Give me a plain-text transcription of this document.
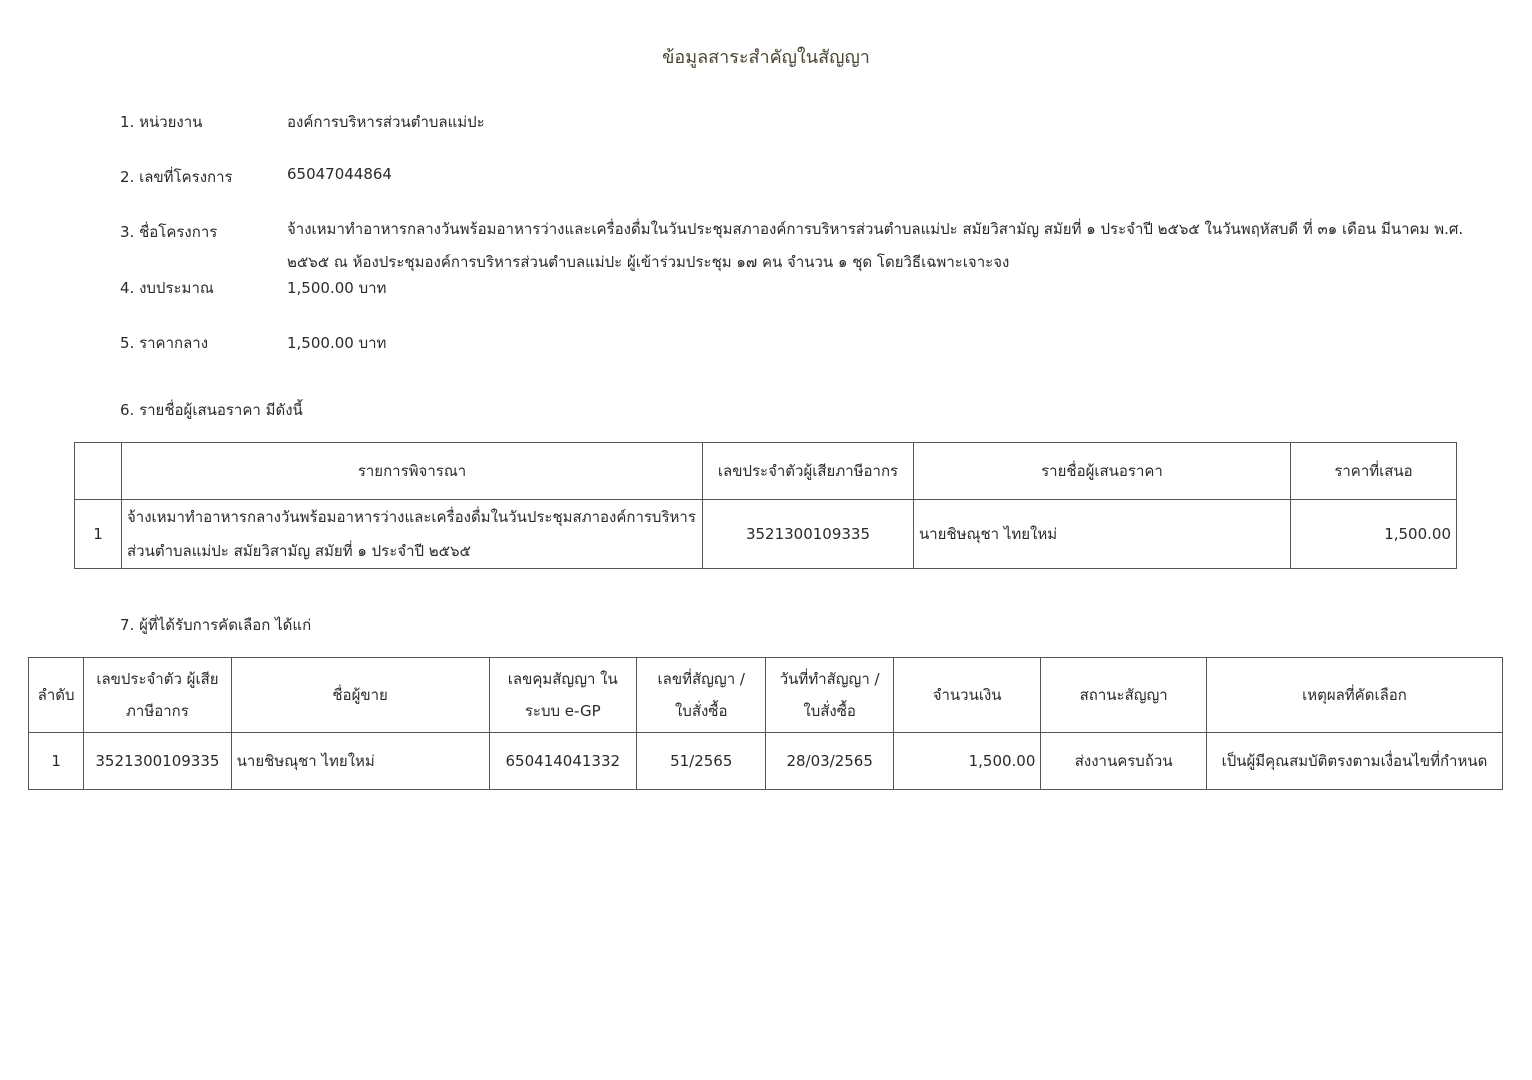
ข้อมูลสาระสำคัญในสัญญา
1. หน่วยงาน	องค์การบริหารส่วนตำบลแม่ปะ
2. เลขที่โครงการ	65047044864
3. ชื่อโครงการ	จ้างเหมาทำอาหารกลางวันพร้อมอาหารว่างและเครื่องดื่มในวันประชุมสภาองค์การบริหารส่วนตำบลแม่ปะ สมัยวิสามัญ สมัยที่ ๑ ประจำปี ๒๕๖๕ ในวันพฤหัสบดี ที่ ๓๑ เดือน มีนาคม พ.ศ. ๒๕๖๕ ณ ห้องประชุมองค์การบริหารส่วนตำบลแม่ปะ ผู้เข้าร่วมประชุม ๑๗ คน จำนวน ๑ ชุด โดยวิธีเฉพาะเจาะจง
4. งบประมาณ	1,500.00 บาท
5. ราคากลาง	1,500.00 บาท
6. รายชื่อผู้เสนอราคา มีดังนี้
	รายการพิจารณา	เลขประจำตัวผู้เสียภาษีอากร	รายชื่อผู้เสนอราคา	ราคาที่เสนอ
1	จ้างเหมาทำอาหารกลางวันพร้อมอาหารว่างและเครื่องดื่มในวันประชุมสภาองค์การบริหารส่วนตำบลแม่ปะ สมัยวิสามัญ สมัยที่ ๑ ประจำปี ๒๕๖๕	3521300109335	นายชิษณุชา ไทยใหม่	1,500.00
7. ผู้ที่ได้รับการคัดเลือก ได้แก่
ลำดับ	เลขประจำตัว ผู้เสียภาษีอากร	ชื่อผู้ขาย	เลขคุมสัญญา ในระบบ e-GP	เลขที่สัญญา / ใบสั่งซื้อ	วันที่ทำสัญญา / ใบสั่งซื้อ	จำนวนเงิน	สถานะสัญญา	เหตุผลที่คัดเลือก
1	3521300109335	นายชิษณุชา ไทยใหม่	650414041332	51/2565	28/03/2565	1,500.00	ส่งงานครบถ้วน	เป็นผู้มีคุณสมบัติตรงตามเงื่อนไขที่กำหนด
